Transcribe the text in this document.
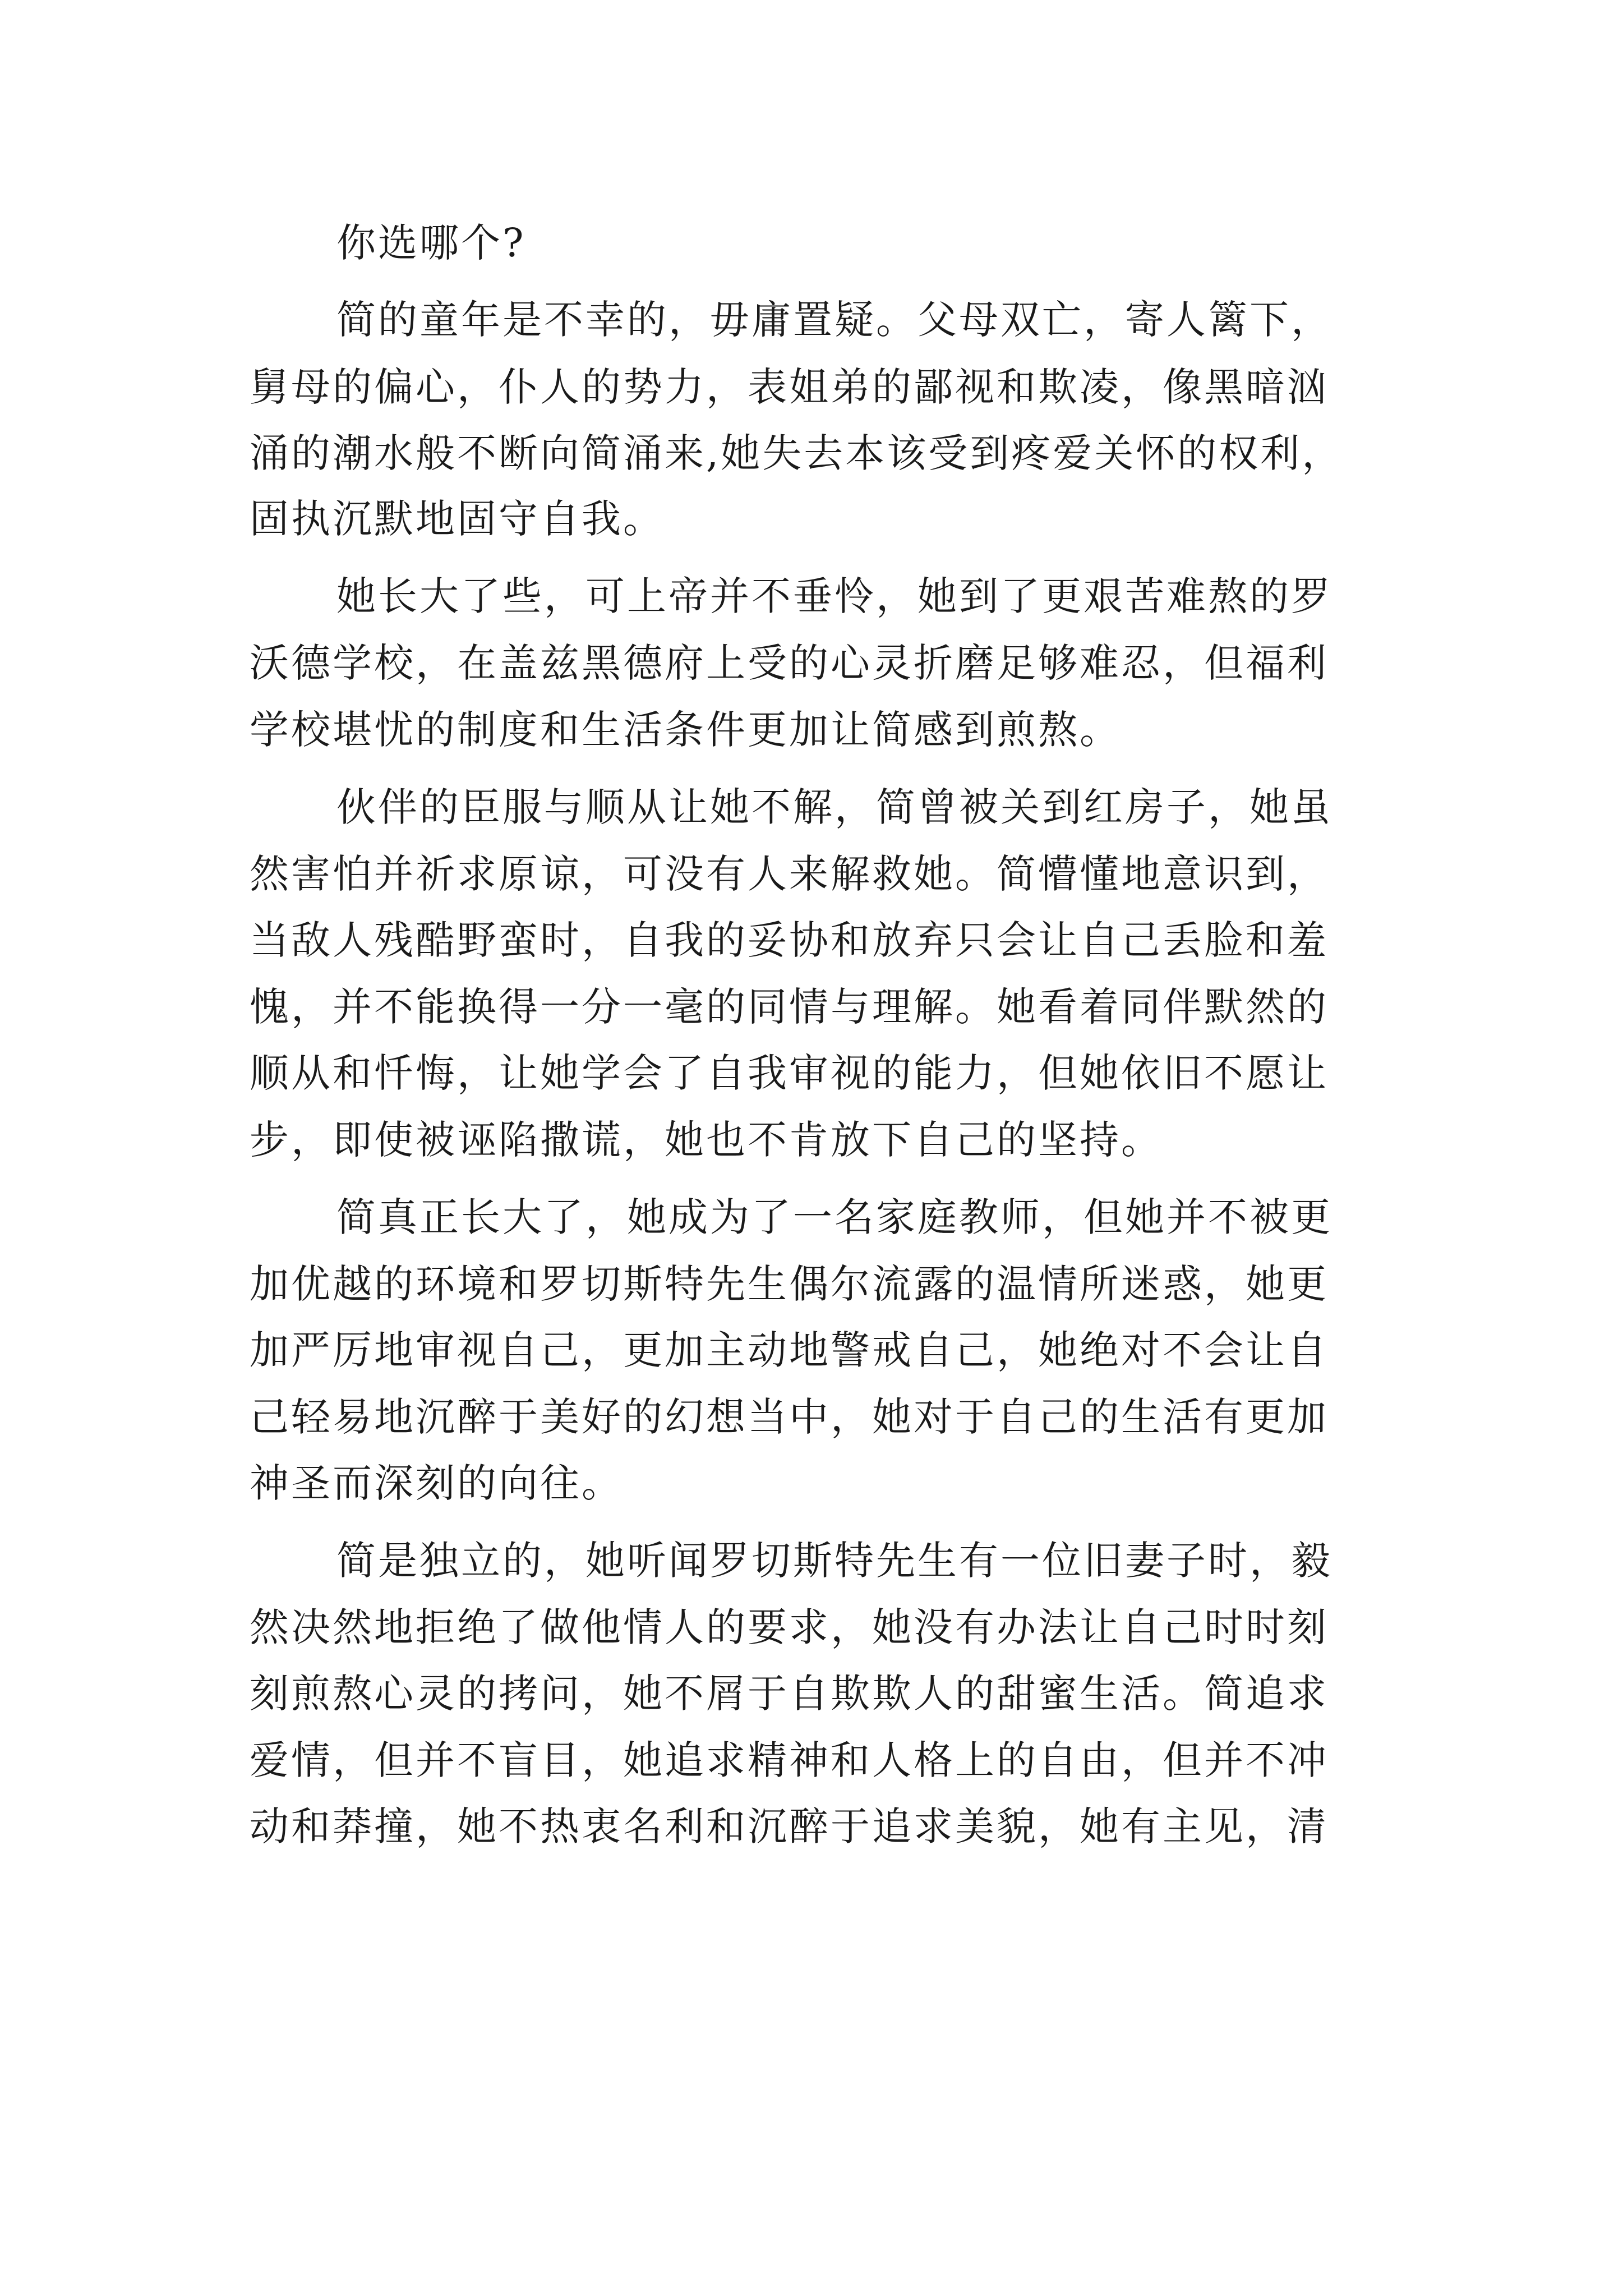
你选哪个?

简的童年是不幸的，毋庸置疑。父母双亡，寄人篱下，

舅母的偏心，仆人的势力，表姐弟的鄙视和欺凌，像黑暗汹

涌的潮水般不断向简涌来,她失去本该受到疼爱关怀的权利，

固执沉默地固守自我。

她长大了些，可上帝并不垂怜，她到了更艰苦难熬的罗

沃德学校，在盖兹黑德府上受的心灵折磨足够难忍，但福利

学校堪忧的制度和生活条件更加让简感到煎熬。

伙伴的臣服与顺从让她不解，简曾被关到红房子，她虽

然害怕并祈求原谅，可没有人来解救她。简懵懂地意识到，

当敌人残酷野蛮时，自我的妥协和放弃只会让自己丢脸和羞

愧，并不能换得一分一毫的同情与理解。她看着同伴默然的

顺从和忏悔，让她学会了自我审视的能力，但她依旧不愿让

步，即使被诬陷撒谎，她也不肯放下自己的坚持。

简真正长大了，她成为了一名家庭教师，但她并不被更

加优越的环境和罗切斯特先生偶尔流露的温情所迷惑，她更

加严厉地审视自己，更加主动地警戒自己，她绝对不会让自

己轻易地沉醉于美好的幻想当中，她对于自己的生活有更加

神圣而深刻的向往。

简是独立的，她听闻罗切斯特先生有一位旧妻子时，毅

然决然地拒绝了做他情人的要求，她没有办法让自己时时刻

刻煎熬心灵的拷问，她不屑于自欺欺人的甜蜜生活。简追求

爱情，但并不盲目，她追求精神和人格上的自由，但并不冲

动和莽撞，她不热衷名利和沉醉于追求美貌，她有主见，清
